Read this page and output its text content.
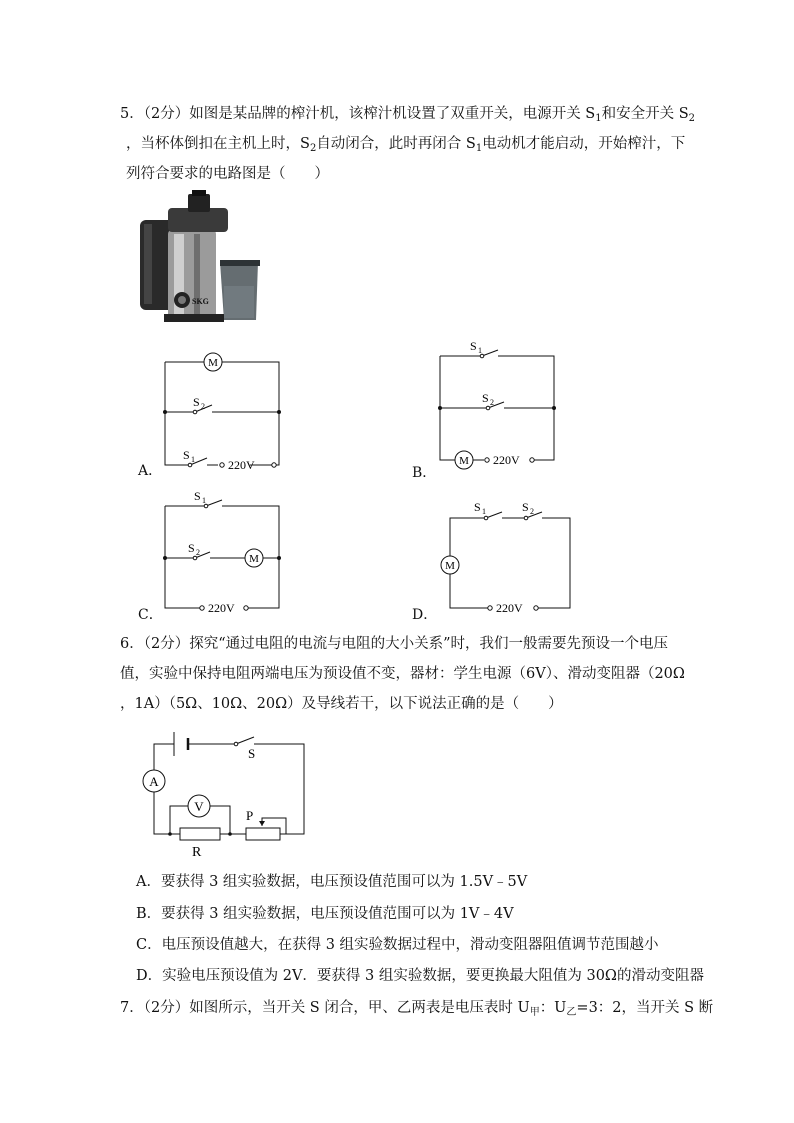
5．（2分）如图是某品牌的榨汁机，该榨汁机设置了双重开关，电源开关 $S_1$和安全开关 $S_2$
，当杯体倒扣在主机上时，$S_2$自动闭合，此时再闭合 $S_1$电动机才能启动，开始榨汁，下
列符合要求的电路图是（　　）
SKG
A．
M
S 2
S 1	220V	B．
M
S 1
S 2
220V
C．
M
S 1
S 2
220V	D．
M
S 1	S 2
220V
6．（2分）探究“通过电阻的电流与电阻的大小关系”时，我们一般需要先预设一个电压
值，实验中保持电阻两端电压为预设值不变，器材：学生电源（6V）、滑动变阻器（20Ω
，1A）（5Ω、10Ω、20Ω）及导线若干，以下说法正确的是（　　）
S
A
V
R
P
A．要获得 3 组实验数据，电压预设值范围可以为 1.5V﹣5V
B．要获得 3 组实验数据，电压预设值范围可以为 1V﹣4V
C．电压预设值越大，在获得 3 组实验数据过程中，滑动变阻器阻值调节范围越小
D．实验电压预设值为 2V．要获得 3 组实验数据，要更换最大阻值为 30Ω的滑动变阻器
7．（2分）如图所示，当开关 S 闭合，甲、乙两表是电压表时 $U_甲$：$U_乙=3$：2，当开关 S 断
